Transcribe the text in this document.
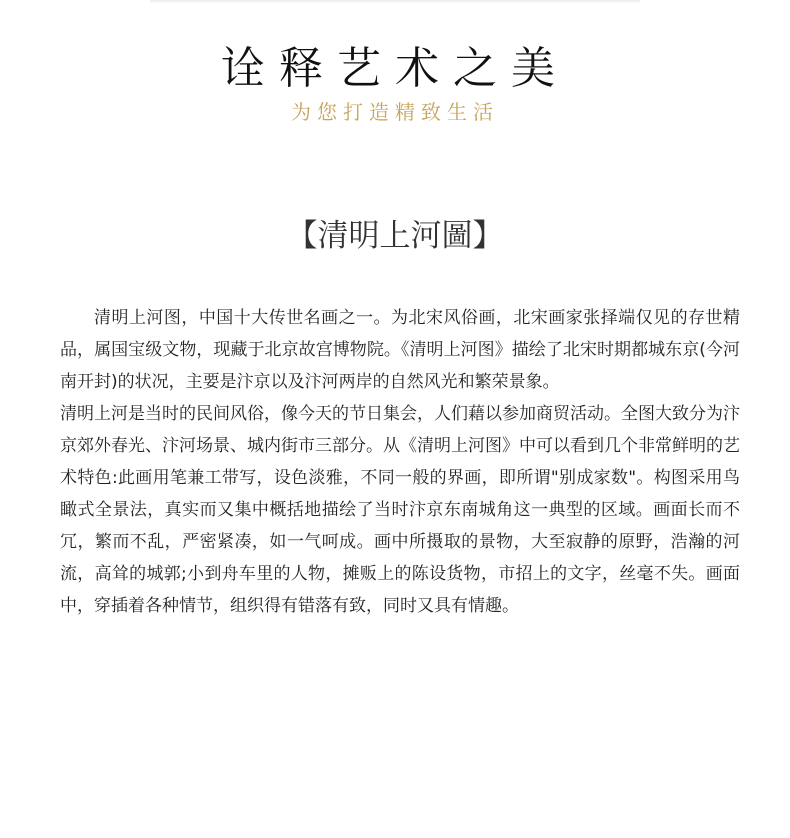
诠释艺术之美
为您打造精致生活
【清明上河圖】

清明上河图，中国十大传世名画之一。为北宋风俗画，北宋画家张择端仅见的存世精品，属国宝级文物，现藏于北京故宫博物院。《清明上河图》描绘了北宋时期都城东京(今河南开封)的状况，主要是汴京以及汴河两岸的自然风光和繁荣景象。

清明上河是当时的民间风俗，像今天的节日集会，人们藉以参加商贸活动。全图大致分为汴京郊外春光、汴河场景、城内街市三部分。从《清明上河图》中可以看到几个非常鲜明的艺术特色:此画用笔兼工带写，设色淡雅，不同一般的界画，即所谓"别成家数"。构图采用鸟瞰式全景法，真实而又集中概括地描绘了当时汴京东南城角这一典型的区域。画面长而不冗，繁而不乱，严密紧凑，如一气呵成。画中所摄取的景物，大至寂静的原野，浩瀚的河流，高耸的城郭;小到舟车里的人物，摊贩上的陈设货物，市招上的文字，丝毫不失。画面中，穿插着各种情节，组织得有错落有致，同时又具有情趣。
